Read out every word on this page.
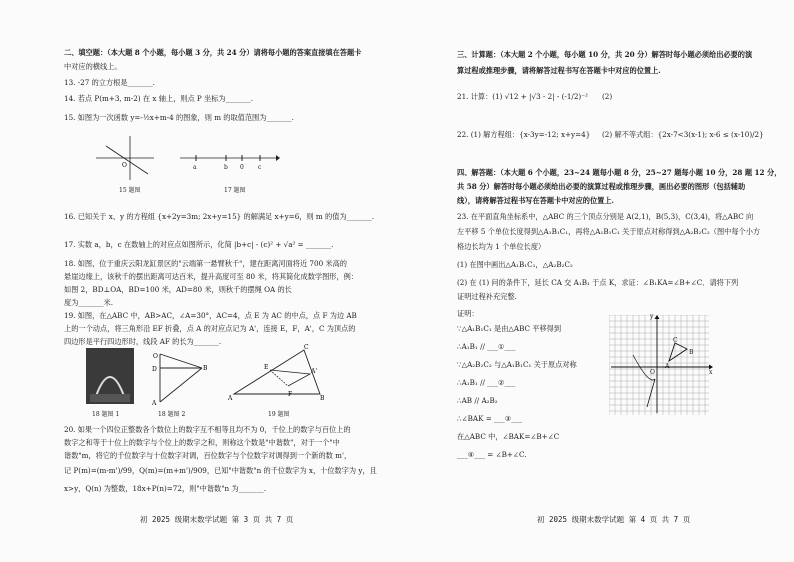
二、填空题：（本大题 8 个小题，每小题 3 分，共 24 分）请将每小题的答案直接填在答题卡
中对应的横线上。
13. -27 的立方根是_______.
14. 若点 P(m+3, m-2) 在 x 轴上，则点 P 坐标为_______.
15. 如图为一次函数 y=-½x+m-4 的图象，则 m 的取值范围为_______.
O
15 题图
a	b 0 c
17 题图
16. 已知关于 x、y 的方程组 {x+2y=3m; 2x+y=15} 的解满足 x+y=6，则 m 的值为_______.
17. 实数 a，b，c 在数轴上的对应点如图所示，化简 |b+c| - (c)² + √a² = _______.
18. 如图，位于重庆云阳龙缸景区的"云端第一悬臂秋千"，建在距离河面将近 700 米高的
悬崖边缘上，该秋千的摆出距离可达百米，提升高度可至 80 米，将其简化成数学图形，例：
如图 2，BD⊥OA，BD=100 米，AD=80 米，则秋千的摆绳 OA 的长
度为_______米.
19. 如图，在△ABC 中，AB>AC，∠A=30°，AC=4，点 E 为 AC 的中点，点 F 为边 AB
上的一个动点，将三角形沿 EF 折叠，点 A 的对应点记为 A'，连接 E，F，A'，C 为顶点的
四边形是平行四边形时，线段 AF 的长为_______.
O
D
A
B
A
C
B
E
F
A'
18 题图 1	18 题图 2	19 题图
20. 如果一个四位正整数各个数位上的数字互不相等且均不为 0，千位上的数字与百位上的
数字之和等于十位上的数字与个位上的数字之和，则称这个数是"中谐数"，对于一个"中
谐数"m，将它的千位数字与十位数字对调，百位数字与个位数字对调得到一个新的数 m'，
记 P(m)=(m-m')/99，Q(m)=(m+m')/909，已知"中谐数"n 的千位数字为 x，十位数字为 y，且
x>y，Q(n) 为整数，18x+P(n)=72，则"中谐数"n 为_______.
初 2025 级期末数学试题 第 3 页 共 7 页
三、计算题：（本大题 2 个小题，每小题 10 分，共 20 分）解答时每小题必须给出必要的演
算过程或推理步骤，请将解答过程书写在答题卡中对应的位置上.
21. 计算：(1) √12 + |√3 - 2| - (-1/2)⁻² (2)
22. (1) 解方程组：{x-3y=-12; x+y=4} (2) 解不等式组：{2x-7<3(x-1); x-6 ≤ (x-10)/2}
四、解答题：（本大题 6 个小题，23~24 题每小题 8 分，25~27 题每小题 10 分，28 题 12 分，
共 58 分）解答时每小题必须给出必要的演算过程或推理步骤，画出必要的图形（包括辅助
线），请将解答过程书写在答题卡中对应的位置上.
23. 在平面直角坐标系中，△ABC 的三个顶点分别是 A(2,1)，B(5,3)，C(3,4)，将△ABC 向
左平移 5 个单位长度得到△A₁B₁C₁，再将△A₁B₁C₁ 关于原点对称得到△A₂B₂C₂（图中每个小方
格边长均为 1 个单位长度）
(1) 在图中画出△A₁B₁C₁，△A₂B₂C₂
(2) 在 (1) 问的条件下，延长 CA 交 A₁B₁ 于点 K，求证：∠B₁KA=∠B+∠C．请将下列
证明过程补充完整.
证明：
∵△A₁B₁C₁ 是由△ABC 平移得到
∴A₁B₁ // ___①___
∵△A₂B₂C₂ 与△A₁B₁C₁ 关于原点对称
∴A₁B₁ // ___②___
∴AB // A₂B₂
∴∠BAK = ___③___
在△ABC 中，∠BAK=∠B+∠C
___④___ = ∠B+∠C.
y
x
O
A
B
C
初 2025 级期末数学试题 第 4 页 共 7 页
